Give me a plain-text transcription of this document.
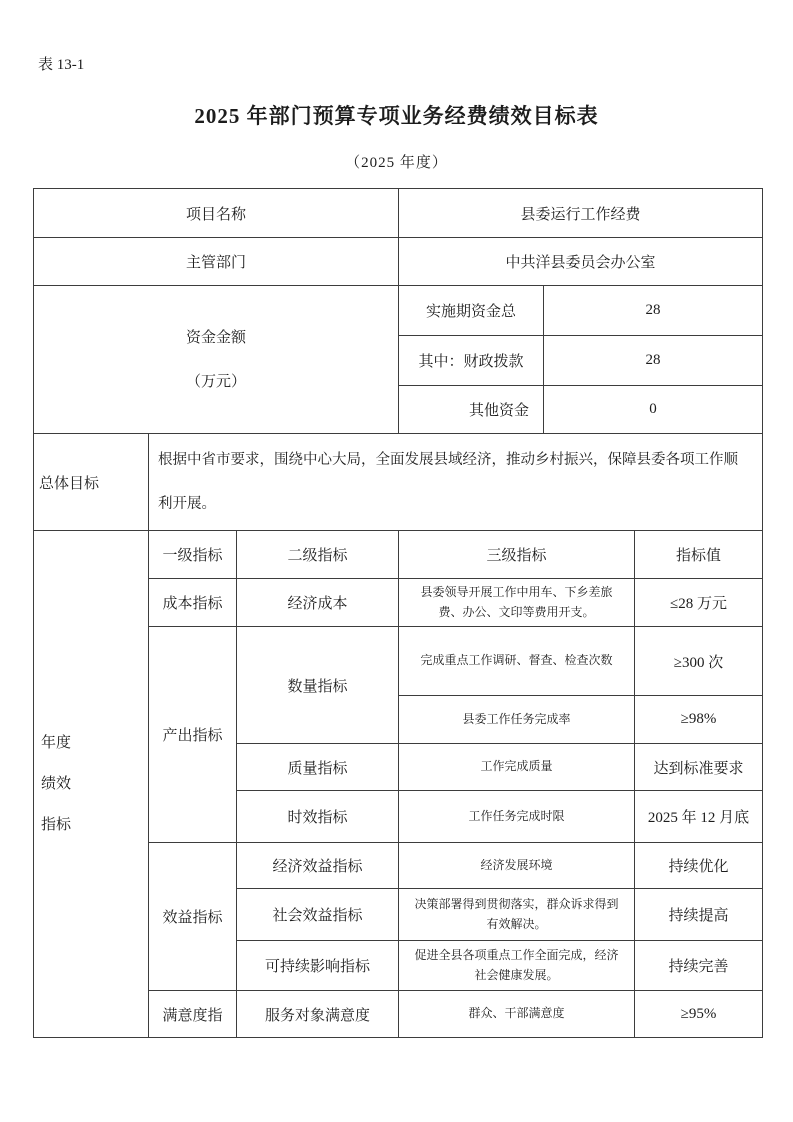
表 13-1
2025 年部门预算专项业务经费绩效目标表
（2025 年度）
项目名称			县委运行工作经费		
主管部门			中共洋县委员会办公室		

资金金额
（万元）			实施期资金总	28	
			其中：财政拨款	28	
			其他资金	0	
总体目标	根据中省市要求，围绕中心大局，全面发展县域经济，推动乡村振兴，保障县委各项工作顺利开展。				

年度
绩效
指标	一级指标	二级指标	三级指标		指标值
	成本指标	经济成本	县委领导开展工作中用车、下乡差旅费、办公、文印等费用开支。		≤28 万元
	产出指标	数量指标	完成重点工作调研、督查、检查次数		≥300 次
			县委工作任务完成率		≥98%
		质量指标	工作完成质量		达到标准要求
		时效指标	工作任务完成时限		2025 年 12 月底
	效益指标	经济效益指标	经济发展环境		持续优化
		社会效益指标	决策部署得到贯彻落实，群众诉求得到有效解决。		持续提高
		可持续影响指标	促进全县各项重点工作全面完成，经济社会健康发展。		持续完善
	满意度指	服务对象满意度	群众、干部满意度		≥95%
